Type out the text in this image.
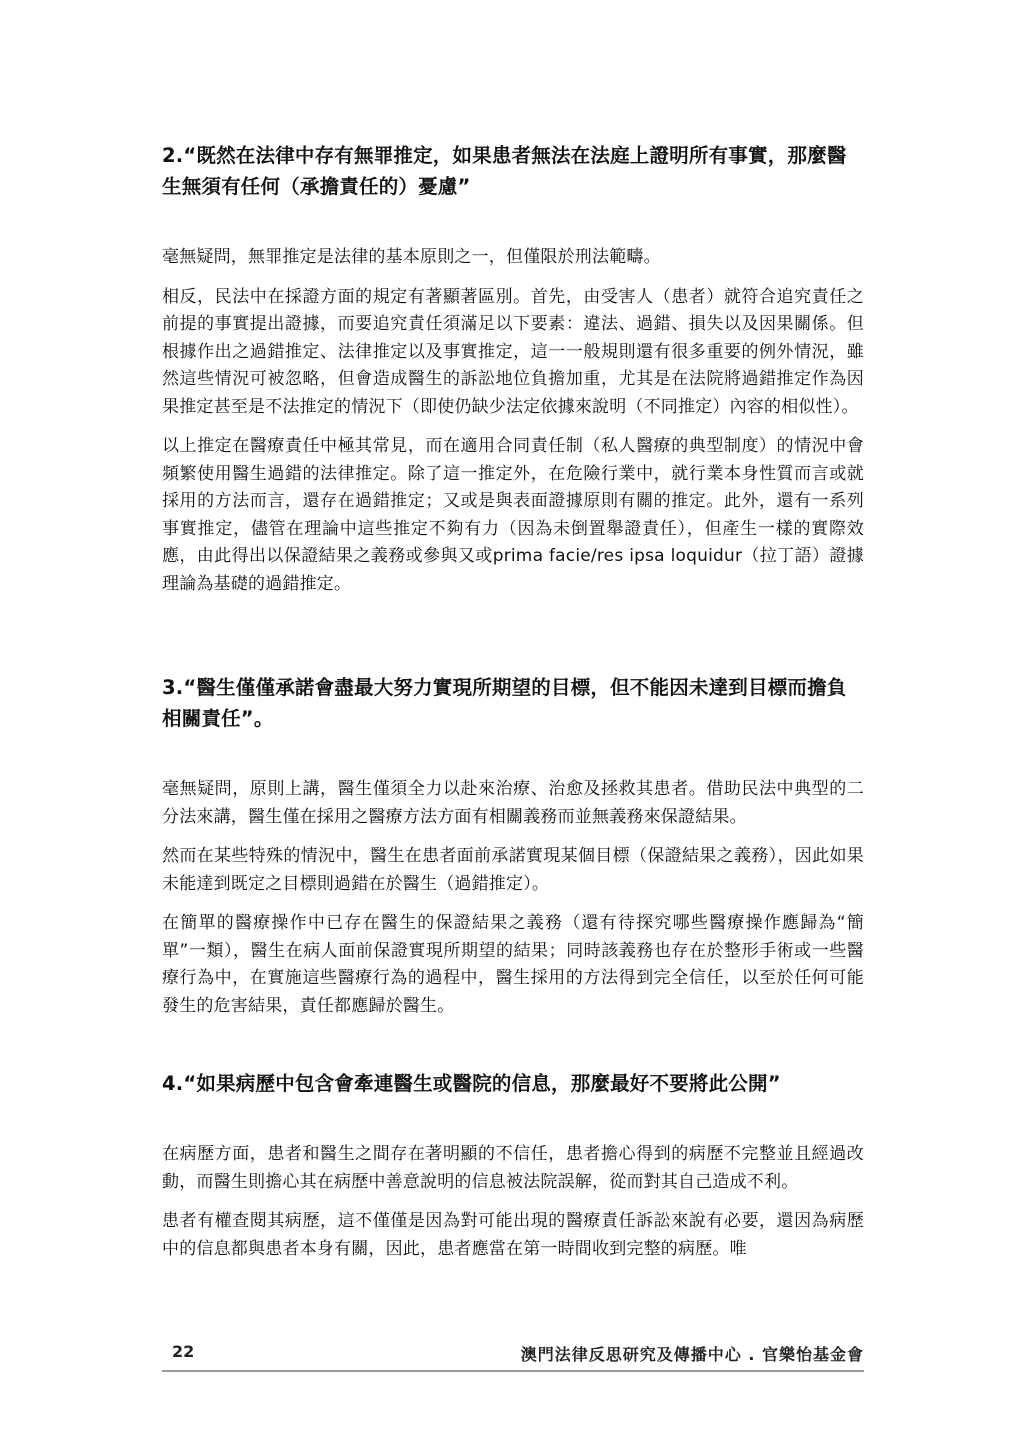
2.“既然在法律中存有無罪推定，如果患者無法在法庭上證明所有事實，那麼醫生無須有任何（承擔責任的）憂慮”

毫無疑問，無罪推定是法律的基本原則之一，但僅限於刑法範疇。

相反，民法中在採證方面的規定有著顯著區別。首先，由受害人（患者）就符合追究責任之前提的事實提出證據，而要追究責任須滿足以下要素：違法、過錯、損失以及因果關係。但根據作出之過錯推定、法律推定以及事實推定，這一一般規則還有很多重要的例外情況，雖然這些情況可被忽略，但會造成醫生的訴訟地位負擔加重，尤其是在法院將過錯推定作為因果推定甚至是不法推定的情況下（即使仍缺少法定依據來說明（不同推定）內容的相似性）。

以上推定在醫療責任中極其常見，而在適用合同責任制（私人醫療的典型制度）的情況中會頻繁使用醫生過錯的法律推定。除了這一推定外，在危險行業中，就行業本身性質而言或就採用的方法而言，還存在過錯推定；又或是與表面證據原則有關的推定。此外，還有一系列事實推定，儘管在理論中這些推定不夠有力（因為未倒置舉證責任），但產生一樣的實際效應，由此得出以保證結果之義務或參與又或prima facie/res ipsa loquidur（拉丁語）證據理論為基礎的過錯推定。

3.“醫生僅僅承諾會盡最大努力實現所期望的目標，但不能因未達到目標而擔負相關責任”。

毫無疑問，原則上講，醫生僅須全力以赴來治療、治愈及拯救其患者。借助民法中典型的二分法來講，醫生僅在採用之醫療方法方面有相關義務而並無義務來保證結果。

然而在某些特殊的情況中，醫生在患者面前承諾實現某個目標（保證結果之義務），因此如果未能達到既定之目標則過錯在於醫生（過錯推定）。

在簡單的醫療操作中已存在醫生的保證結果之義務（還有待探究哪些醫療操作應歸為“簡單”一類），醫生在病人面前保證實現所期望的結果；同時該義務也存在於整形手術或一些醫療行為中，在實施這些醫療行為的過程中，醫生採用的方法得到完全信任，以至於任何可能發生的危害結果，責任都應歸於醫生。

4.“如果病歷中包含會牽連醫生或醫院的信息，那麼最好不要將此公開”

在病歷方面，患者和醫生之間存在著明顯的不信任，患者擔心得到的病歷不完整並且經過改動，而醫生則擔心其在病歷中善意說明的信息被法院誤解，從而對其自己造成不利。

患者有權查閱其病歷，這不僅僅是因為對可能出現的醫療責任訴訟來說有必要，還因為病歷中的信息都與患者本身有關，因此，患者應當在第一時間收到完整的病歷。唯

22	澳門法律反思研究及傳播中心 . 官樂怡基金會
